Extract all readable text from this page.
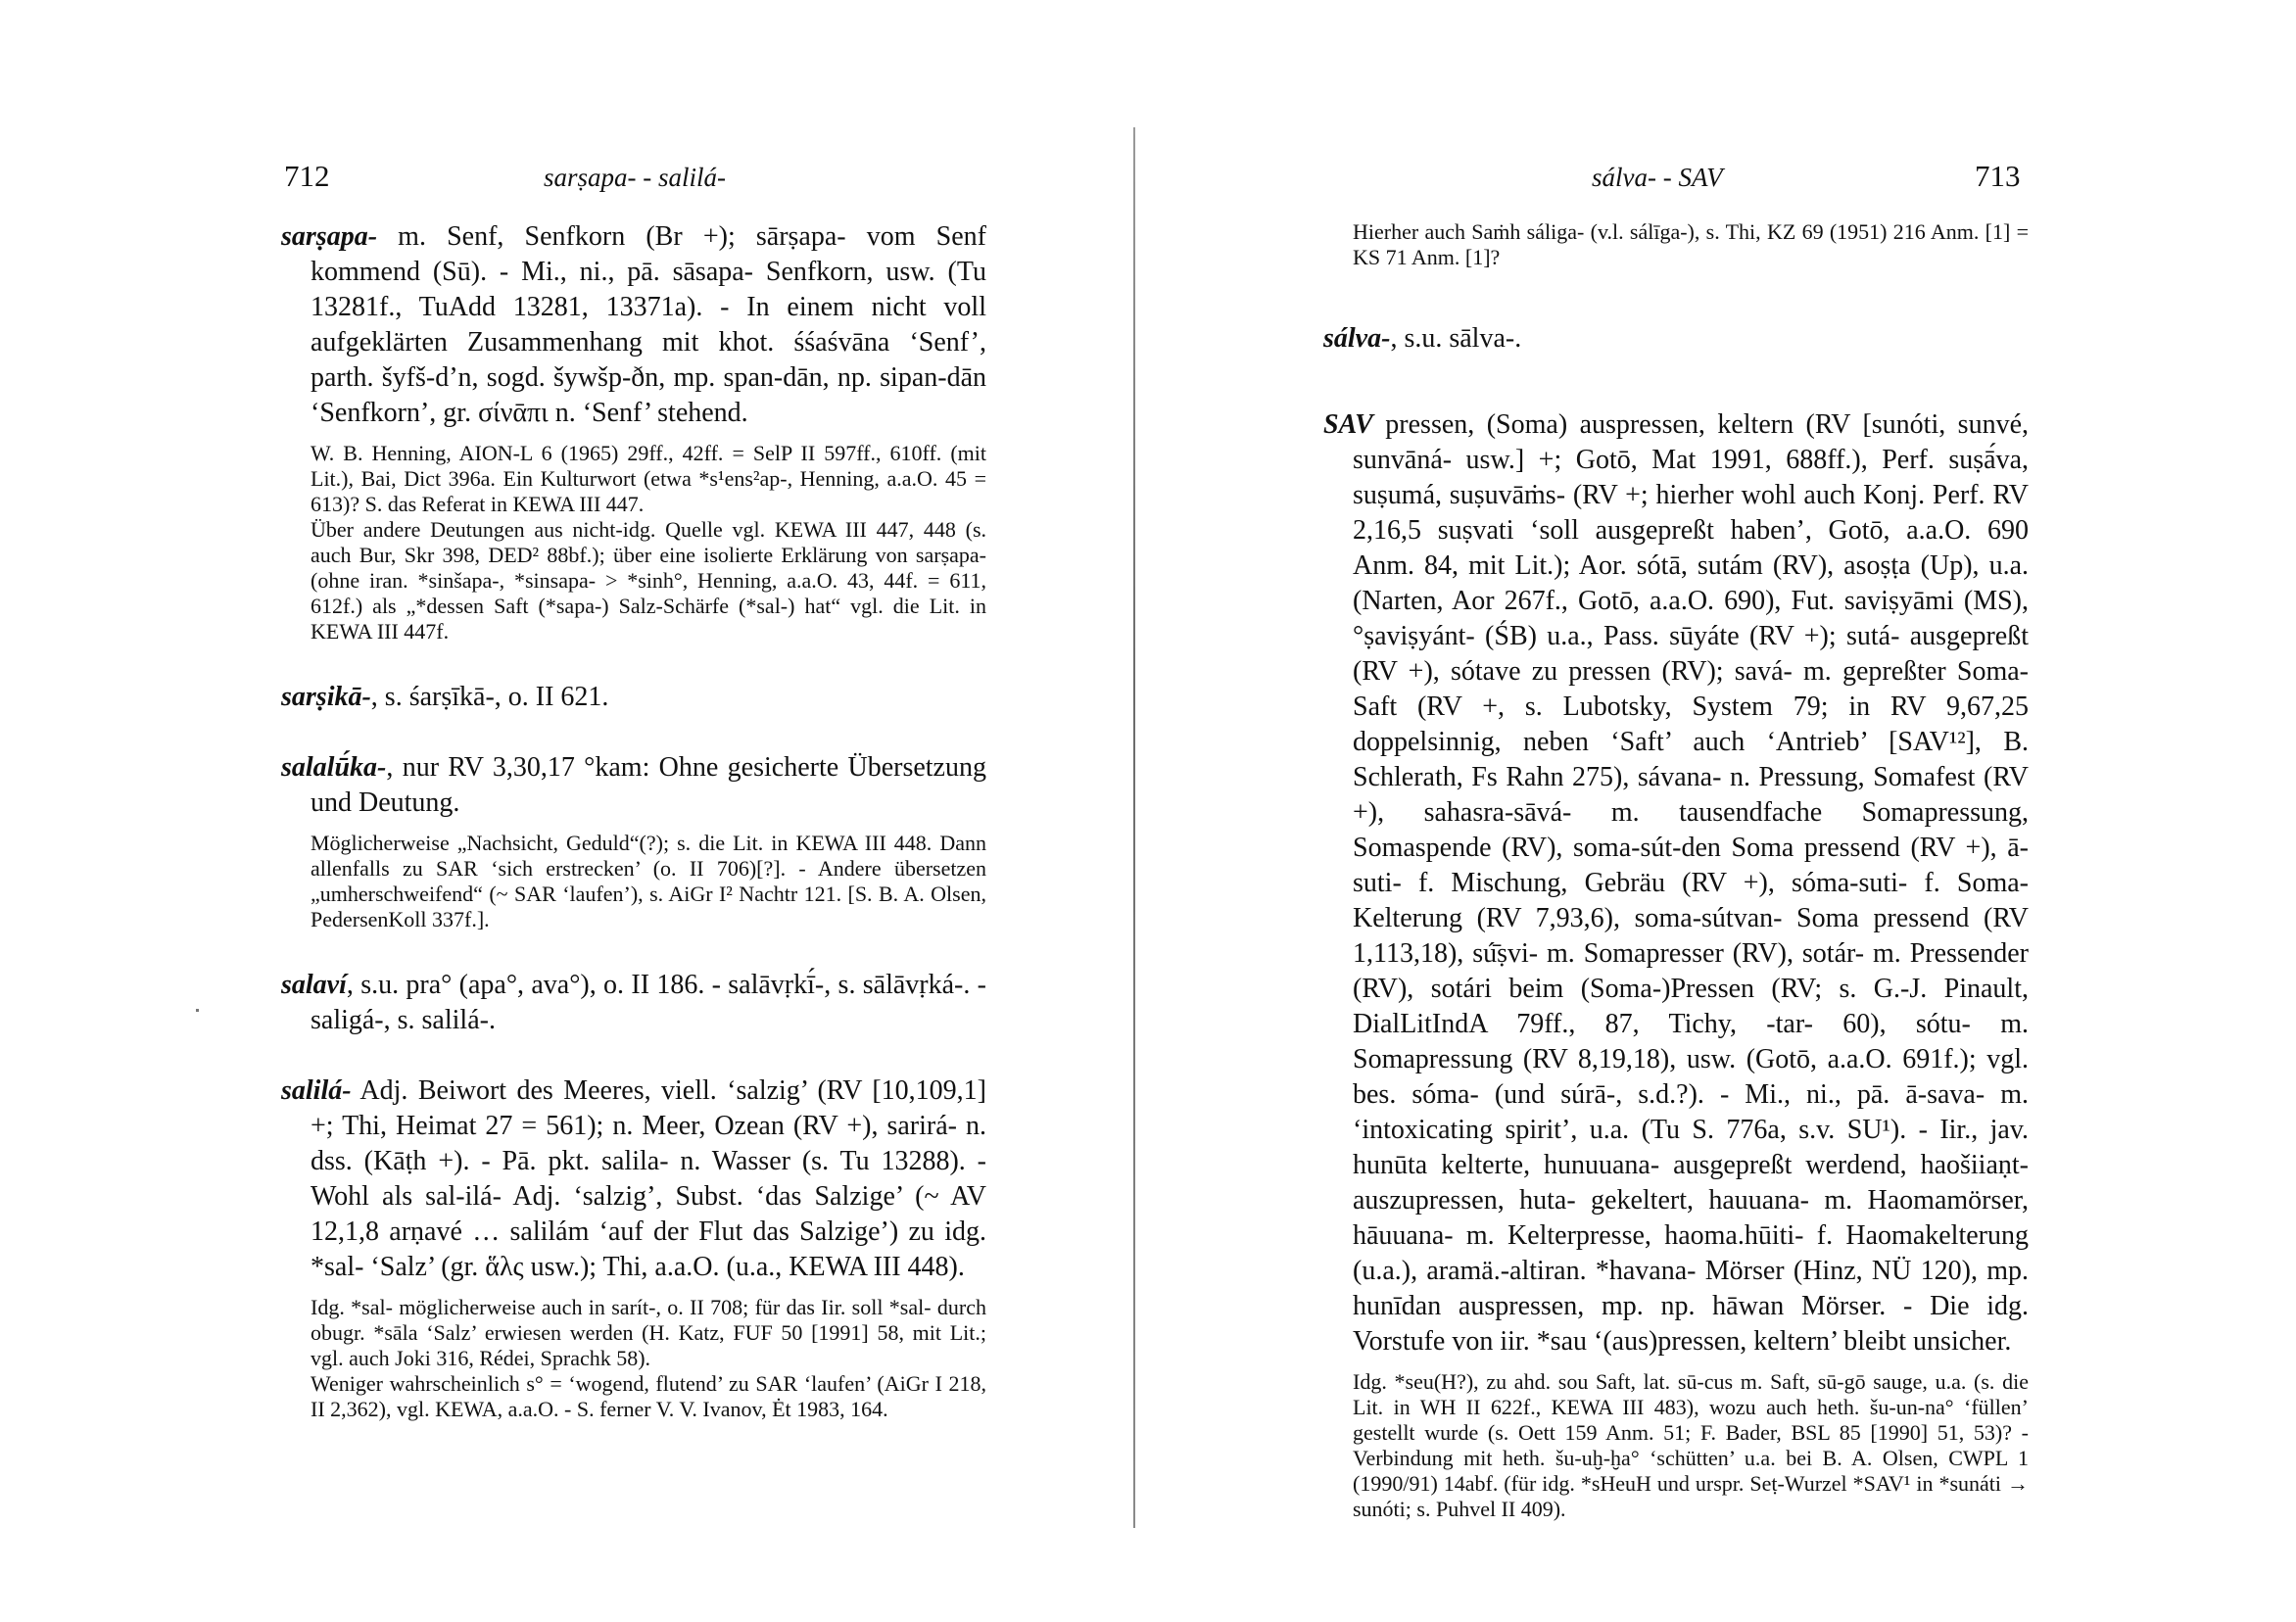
712	sarṣapa- - salilá-

sarṣapa- m. Senf, Senfkorn (Br +); sārṣapa- vom Senf kommend (Sū). - Mi., ni., pā. sāsapa- Senfkorn, usw. (Tu 13281f., TuAdd 13281, 13371a). - In einem nicht voll aufgeklärten Zusammenhang mit khot. śśaśvāna ‘Senf’, parth. šyfš-d’n, sogd. šywšp-ðn, mp. span-dān, np. sipan-dān ‘Senfkorn’, gr. σίνᾱπι n. ‘Senf’ stehend.

W. B. Henning, AION-L 6 (1965) 29ff., 42ff. = SelP II 597ff., 610ff. (mit Lit.), Bai, Dict 396a. Ein Kulturwort (etwa *s¹ens²ap-, Henning, a.a.O. 45 = 613)? S. das Referat in KEWA III 447.

Über andere Deutungen aus nicht-idg. Quelle vgl. KEWA III 447, 448 (s. auch Bur, Skr 398, DED² 88bf.); über eine isolierte Erklärung von sarṣapa- (ohne iran. *sinšapa-, *sinsapa- > *sinh°, Henning, a.a.O. 43, 44f. = 611, 612f.) als „*dessen Saft (*sapa-) Salz-Schärfe (*sal-) hat“ vgl. die Lit. in KEWA III 447f.

sarṣikā-, s. śarṣīkā-, o. II 621.

salalū́ka-, nur RV 3,30,17 °kam: Ohne gesicherte Übersetzung und Deutung.

Möglicherweise „Nachsicht, Geduld“(?); s. die Lit. in KEWA III 448. Dann allenfalls zu SAR ‘sich erstrecken’ (o. II 706)[?]. - Andere übersetzen „umherschweifend“ (~ SAR ‘laufen’), s. AiGr I² Nachtr 121. [S. B. A. Olsen, PedersenKoll 337f.].

salaví, s.u. pra° (apa°, ava°), o. II 186. - salāvṛkī́-, s. sālāvṛká-. - saligá-, s. salilá-.

salilá- Adj. Beiwort des Meeres, viell. ‘salzig’ (RV [10,109,1] +; Thi, Heimat 27 = 561); n. Meer, Ozean (RV +), sarirá- n. dss. (Kāṭh +). - Pā. pkt. salila- n. Wasser (s. Tu 13288). - Wohl als sal-ilá- Adj. ‘salzig’, Subst. ‘das Salzige’ (~ AV 12,1,8 arṇavé … salilám ‘auf der Flut das Salzige’) zu idg. *sal- ‘Salz’ (gr. ἅλς usw.); Thi, a.a.O. (u.a., KEWA III 448).

Idg. *sal- möglicherweise auch in sarít-, o. II 708; für das Iir. soll *sal- durch obugr. *sāla ‘Salz’ erwiesen werden (H. Katz, FUF 50 [1991] 58, mit Lit.; vgl. auch Joki 316, Rédei, Sprachk 58).

Weniger wahrscheinlich s° = ‘wogend, flutend’ zu SAR ‘laufen’ (AiGr I 218, II 2,362), vgl. KEWA, a.a.O. - S. ferner V. V. Ivanov, Ėt 1983, 164.

sálva- - SAV	713

Hierher auch Saṁh sáliga- (v.l. sálīga-), s. Thi, KZ 69 (1951) 216 Anm. [1] = KS 71 Anm. [1]?

sálva-, s.u. sālva-.

SAV pressen, (Soma) auspressen, keltern (RV [sunóti, sunvé, sunvāná- usw.] +; Gotō, Mat 1991, 688ff.), Perf. suṣā́va, suṣumá, suṣuvāṁs- (RV +; hierher wohl auch Konj. Perf. RV 2,16,5 suṣvati ‘soll ausgepreßt haben’, Gotō, a.a.O. 690 Anm. 84, mit Lit.); Aor. sótā, sutám (RV), asoṣṭa (Up), u.a. (Narten, Aor 267f., Gotō, a.a.O. 690), Fut. saviṣyāmi (MS), °ṣaviṣyánt- (ŚB) u.a., Pass. sūyáte (RV +); sutá- ausgepreßt (RV +), sótave zu pressen (RV); savá- m. gepreßter Soma-Saft (RV +, s. Lubotsky, System 79; in RV 9,67,25 doppelsinnig, neben ‘Saft’ auch ‘Antrieb’ [SAV¹²], B. Schlerath, Fs Rahn 275), sávana- n. Pressung, Somafest (RV +), sahasra-sāvá- m. tausendfache Somapressung, Somaspende (RV), soma-sút-den Soma pressend (RV +), ā-suti- f. Mischung, Gebräu (RV +), sóma-suti- f. Soma-Kelterung (RV 7,93,6), soma-sútvan- Soma pressend (RV 1,113,18), sú̄ṣvi- m. Somapresser (RV), sotár- m. Pressender (RV), sotári beim (Soma-)Pressen (RV; s. G.-J. Pinault, DialLitIndA 79ff., 87, Tichy, -tar- 60), sótu- m. Somapressung (RV 8,19,18), usw. (Gotō, a.a.O. 691f.); vgl. bes. sóma- (und súrā-, s.d.?). - Mi., ni., pā. ā-sava- m. ‘intoxicating spirit’, u.a. (Tu S. 776a, s.v. SU¹). - Iir., jav. hunūta kelterte, hunuuana- ausgepreßt werdend, haošiiaṇt-auszupressen, huta- gekeltert, hauuana- m. Haomamörser, hāuuana- m. Kelterpresse, haoma.hūiti- f. Haomakelterung (u.a.), aramä.-altiran. *havana- Mörser (Hinz, NÜ 120), mp. hunīdan auspressen, mp. np. hāwan Mörser. - Die idg. Vorstufe von iir. *sau ‘(aus)pressen, keltern’ bleibt unsicher.

Idg. *seu(H?), zu ahd. sou Saft, lat. sū-cus m. Saft, sū-gō sauge, u.a. (s. die Lit. in WH II 622f., KEWA III 483), wozu auch heth. šu-un-na° ‘füllen’ gestellt wurde (s. Oett 159 Anm. 51; F. Bader, BSL 85 [1990] 51, 53)? - Verbindung mit heth. šu-uḫ-ḫa° ‘schütten’ u.a. bei B. A. Olsen, CWPL 1 (1990/91) 14abf. (für idg. *sHeuH und urspr. Seṭ-Wurzel *SAV¹ in *sunáti → sunóti; s. Puhvel II 409).
